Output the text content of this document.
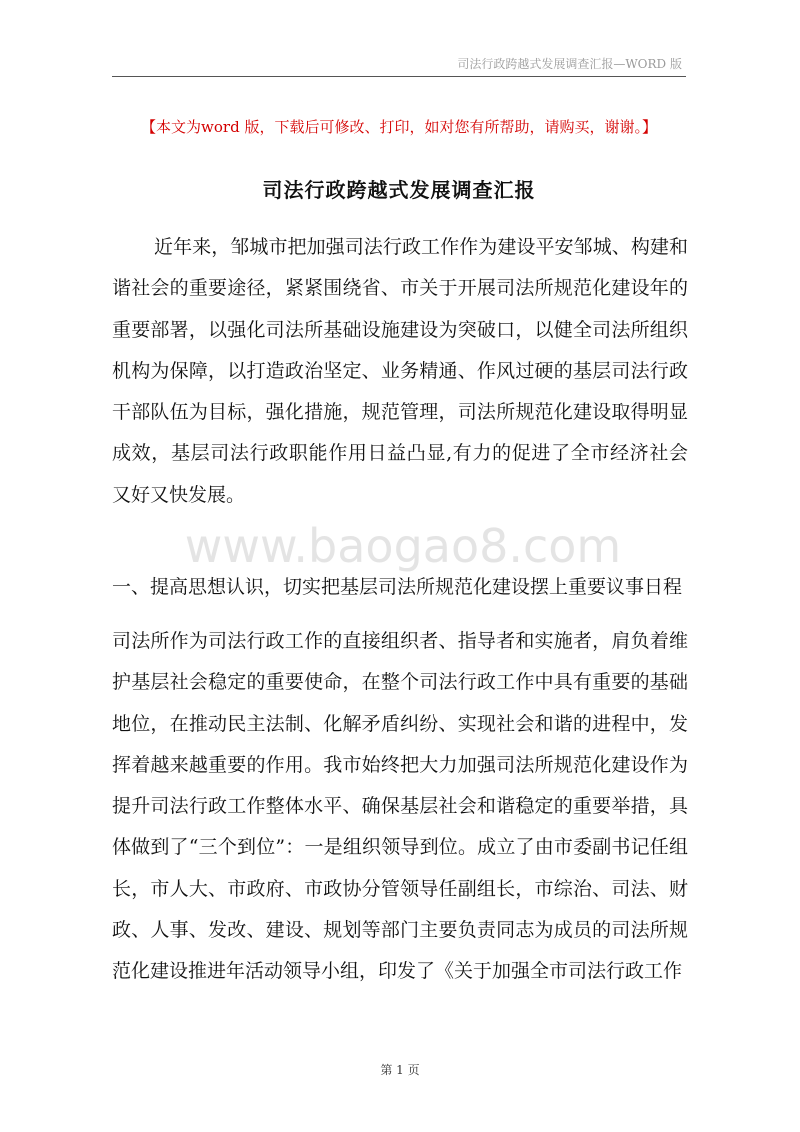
司法行政跨越式发展调查汇报—WORD 版
【本文为word 版，下载后可修改、打印，如对您有所帮助，请购买，谢谢。】
司法行政跨越式发展调查汇报
近年来，邹城市把加强司法行政工作作为建设平安邹城、构建和谐社会的重要途径，紧紧围绕省、市关于开展司法所规范化建设年的重要部署，以强化司法所基础设施建设为突破口，以健全司法所组织机构为保障，以打造政治坚定、业务精通、作风过硬的基层司法行政干部队伍为目标，强化措施，规范管理，司法所规范化建设取得明显成效，基层司法行政职能作用日益凸显,有力的促进了全市经济社会又好又快发展。
www.baogao8.com
一、提高思想认识，切实把基层司法所规范化建设摆上重要议事日程
司法所作为司法行政工作的直接组织者、指导者和实施者，肩负着维护基层社会稳定的重要使命，在整个司法行政工作中具有重要的基础地位，在推动民主法制、化解矛盾纠纷、实现社会和谐的进程中，发挥着越来越重要的作用。我市始终把大力加强司法所规范化建设作为提升司法行政工作整体水平、确保基层社会和谐稳定的重要举措，具体做到了“三个到位”：一是组织领导到位。成立了由市委副书记任组长，市人大、市政府、市政协分管领导任副组长，市综治、司法、财政、人事、发改、建设、规划等部门主要负责同志为成员的司法所规范化建设推进年活动领导小组，印发了《关于加强全市司法行政工作
第 1 页
